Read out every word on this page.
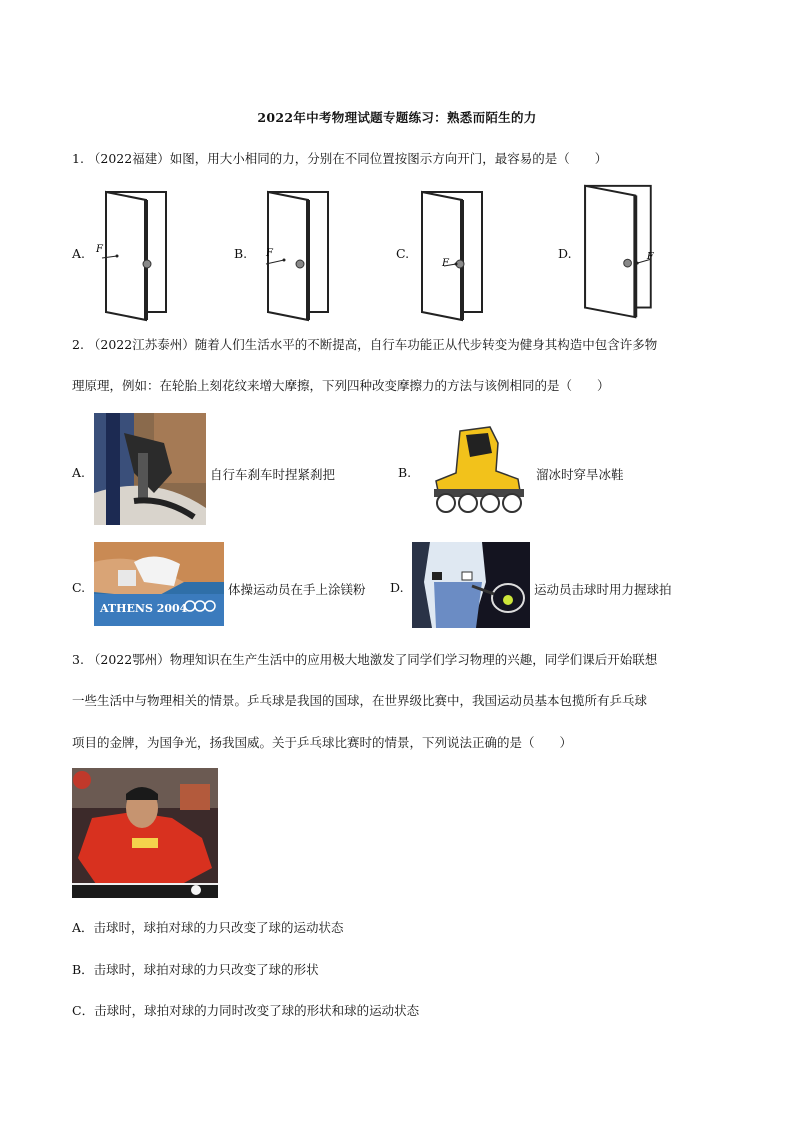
2022年中考物理试题专题练习：熟悉而陌生的力
1. （2022福建）如图，用大小相同的力，分别在不同位置按图示方向开门，最容易的是（　　）
A. F	B. F	C.
F
D.	F
2. （2022江苏泰州）随着人们生活水平的不断提高，自行车功能正从代步转变为健身其构造中包含许多物
理原理，例如：在轮胎上刻花纹来增大摩擦，下列四种改变摩擦力的方法与该例相同的是（　　）
A.	自行车刹车时捏紧刹把	B.	溜冰时穿旱冰鞋
C.
ATHENS 2004
体操运动员在手上涂镁粉 D.	运动员击球时用力握球拍
3. （2022鄂州）物理知识在生产生活中的应用极大地激发了同学们学习物理的兴趣，同学们课后开始联想
一些生活中与物理相关的情景。乒乓球是我国的国球，在世界级比赛中，我国运动员基本包揽所有乒乓球
项目的金牌，为国争光，扬我国威。关于乒乓球比赛时的情景，下列说法正确的是（　　）
A．击球时，球拍对球的力只改变了球的运动状态
B．击球时，球拍对球的力只改变了球的形状
C．击球时，球拍对球的力同时改变了球的形状和球的运动状态
